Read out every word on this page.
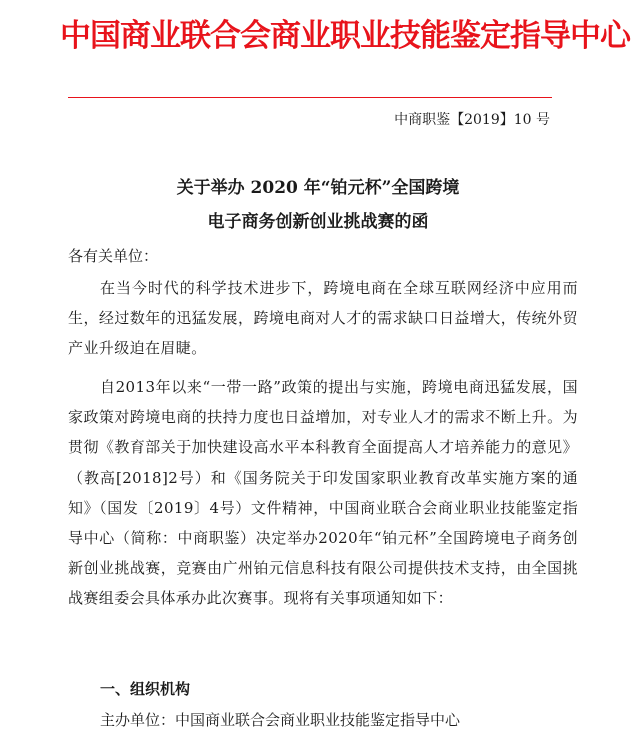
中国商业联合会商业职业技能鉴定指导中心
中商职鉴【2019】10 号
关于举办 2020 年“铂元杯”全国跨境
电子商务创新创业挑战赛的函
各有关单位：

在当今时代的科学技术进步下，跨境电商在全球互联网经济中应用而生，经过数年的迅猛发展，跨境电商对人才的需求缺口日益增大，传统外贸产业升级迫在眉睫。

自2013年以来“一带一路”政策的提出与实施，跨境电商迅猛发展，国家政策对跨境电商的扶持力度也日益增加，对专业人才的需求不断上升。为贯彻《教育部关于加快建设高水平本科教育全面提高人才培养能力的意见》（教高[2018]2号）和《国务院关于印发国家职业教育改革实施方案的通知》（国发〔2019〕4号）文件精神，中国商业联合会商业职业技能鉴定指导中心（简称：中商职鉴）决定举办2020年“铂元杯”全国跨境电子商务创新创业挑战赛，竞赛由广州铂元信息科技有限公司提供技术支持，由全国挑战赛组委会具体承办此次赛事。现将有关事项通知如下：

一、组织机构
主办单位：中国商业联合会商业职业技能鉴定指导中心
